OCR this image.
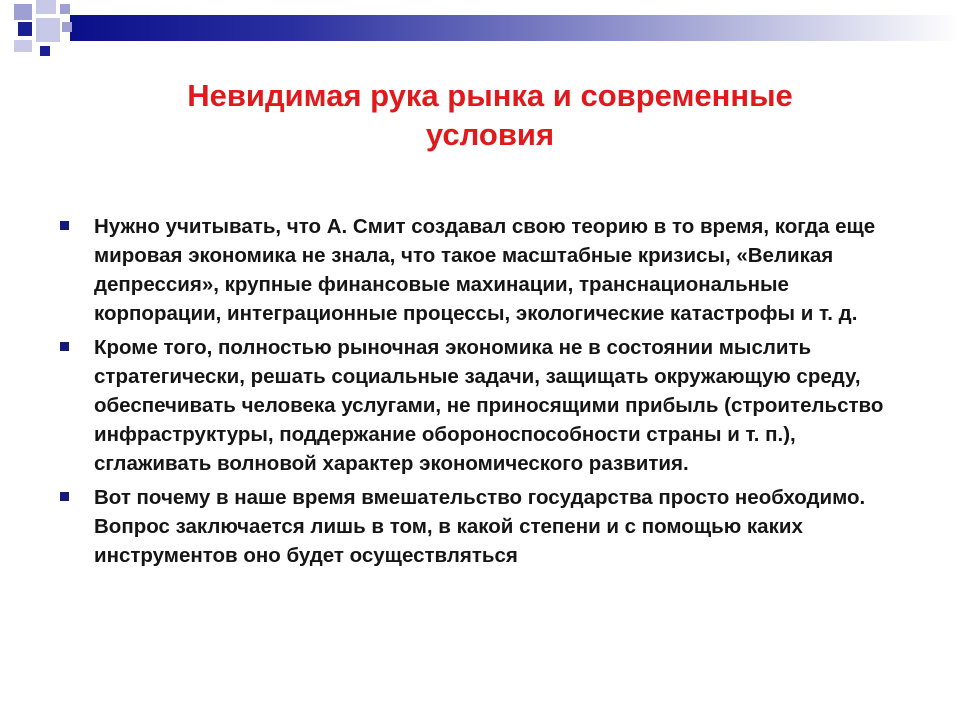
Невидимая рука рынка и современные условия
Нужно учитывать, что А. Смит создавал свою теорию в то время, когда еще мировая экономика не знала, что такое масштабные кризисы, «Великая депрессия», крупные финансовые махинации, транснациональные корпорации, интеграционные процессы, экологические катастрофы и т. д.
Кроме того, полностью рыночная экономика не в состоянии мыслить стратегически, решать социальные задачи, защищать окружающую среду, обеспечивать человека услугами, не приносящими прибыль (строительство инфраструктуры, поддержание обороноспособности страны и т. п.), сглаживать волновой характер экономического развития.
Вот почему в наше время вмешательство государства просто необходимо. Вопрос заключается лишь в том, в какой степени и с помощью каких инструментов оно будет осуществляться
